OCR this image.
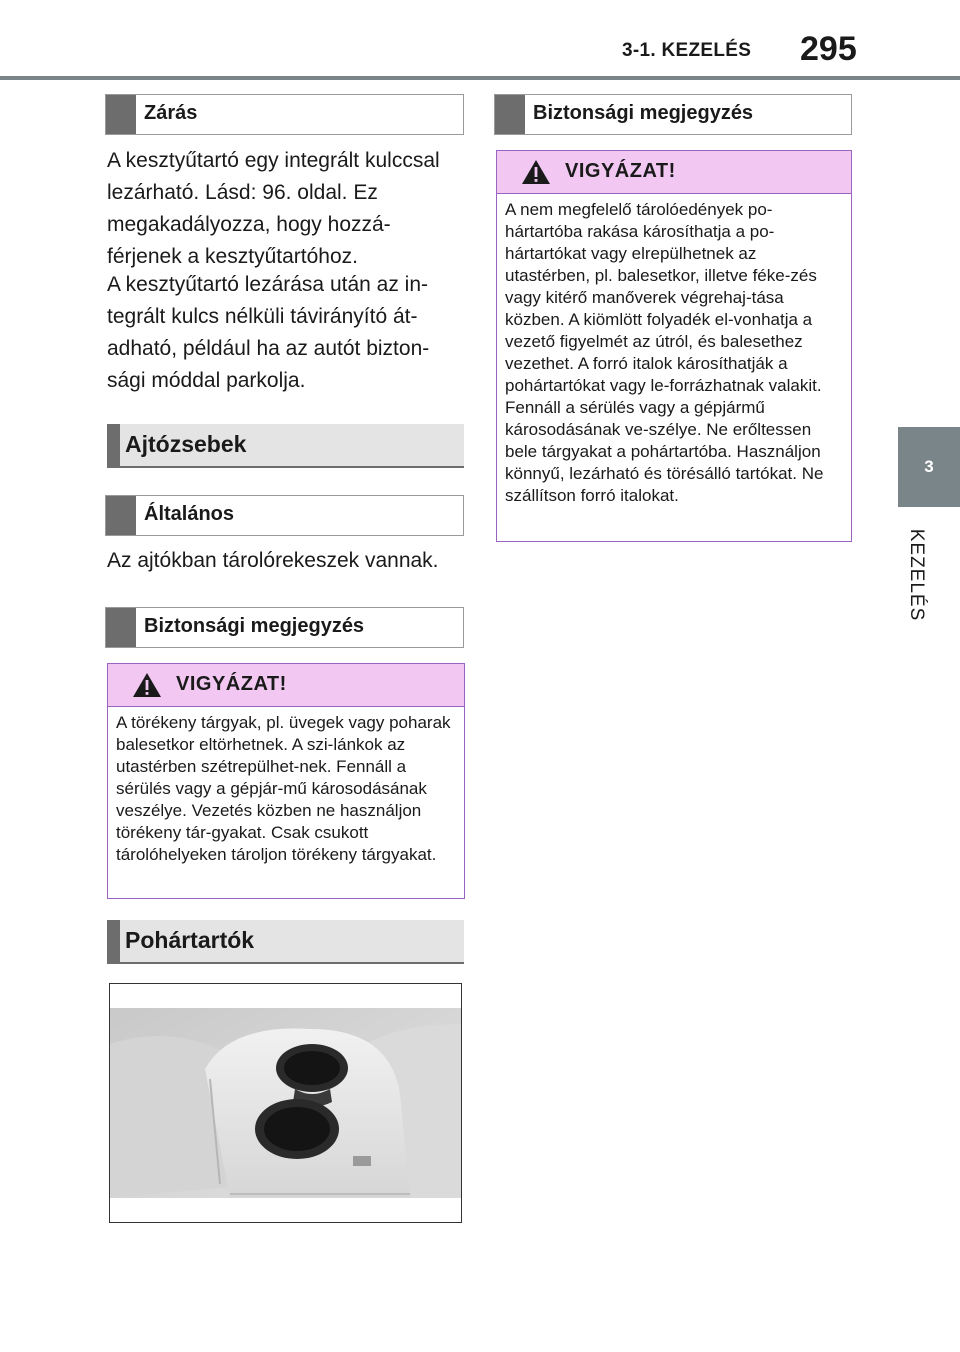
3-1. KEZELÉS 295
3
KEZELÉS
Zárás

A kesztyűtartó egy integrált kulccsal lezárható. Lásd: 96. oldal. Ez megakadályozza, hogy hozzá-férjenek a kesztyűtartóhoz.

A kesztyűtartó lezárása után az in-tegrált kulcs nélküli távirányító át-adható, például ha az autót bizton-sági móddal parkolja.

Ajtózsebek
Általános

Az ajtókban tárolórekeszek vannak.

Biztonsági megjegyzés
VIGYÁZAT!

A törékeny tárgyak, pl. üvegek vagy poharak balesetkor eltörhetnek. A szi-lánkok az utastérben szétrepülhet-nek. Fennáll a sérülés vagy a gépjár-mű károsodásának veszélye. Vezetés közben ne használjon törékeny tár-gyakat. Csak csukott tárolóhelyeken tároljon törékeny tárgyakat.

Pohártartók
Biztonsági megjegyzés
VIGYÁZAT!

A nem megfelelő tárolóedények po-hártartóba rakása károsíthatja a po-hártartókat vagy elrepülhetnek az utastérben, pl. balesetkor, illetve féke-zés vagy kitérő manőverek végrehaj-tása közben. A kiömlött folyadék el-vonhatja a vezető figyelmét az útról, és balesethez vezethet. A forró italok károsíthatják a pohártartókat vagy le-forrázhatnak valakit. Fennáll a sérülés vagy a gépjármű károsodásának ve-szélye. Ne erőltessen bele tárgyakat a pohártartóba. Használjon könnyű, lezárható és törésálló tartókat. Ne szállítson forró italokat.
